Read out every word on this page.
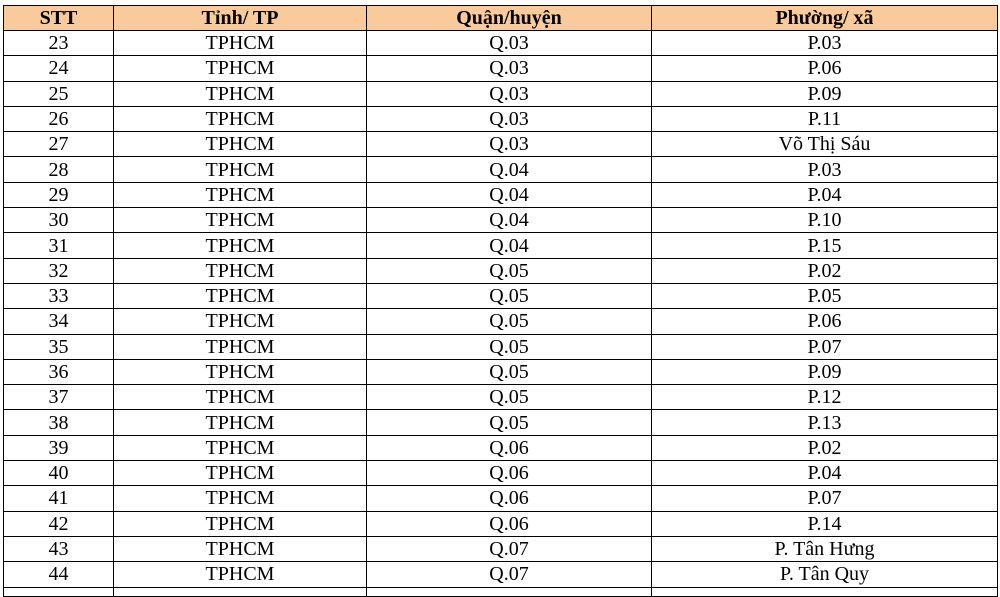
STT	Tỉnh/ TP	Quận/huyện	Phường/ xã
23	TPHCM	Q.03	P.03
24	TPHCM	Q.03	P.06
25	TPHCM	Q.03	P.09
26	TPHCM	Q.03	P.11
27	TPHCM	Q.03	Võ Thị Sáu
28	TPHCM	Q.04	P.03
29	TPHCM	Q.04	P.04
30	TPHCM	Q.04	P.10
31	TPHCM	Q.04	P.15
32	TPHCM	Q.05	P.02
33	TPHCM	Q.05	P.05
34	TPHCM	Q.05	P.06
35	TPHCM	Q.05	P.07
36	TPHCM	Q.05	P.09
37	TPHCM	Q.05	P.12
38	TPHCM	Q.05	P.13
39	TPHCM	Q.06	P.02
40	TPHCM	Q.06	P.04
41	TPHCM	Q.06	P.07
42	TPHCM	Q.06	P.14
43	TPHCM	Q.07	P. Tân Hưng
44	TPHCM	Q.07	P. Tân Quy
